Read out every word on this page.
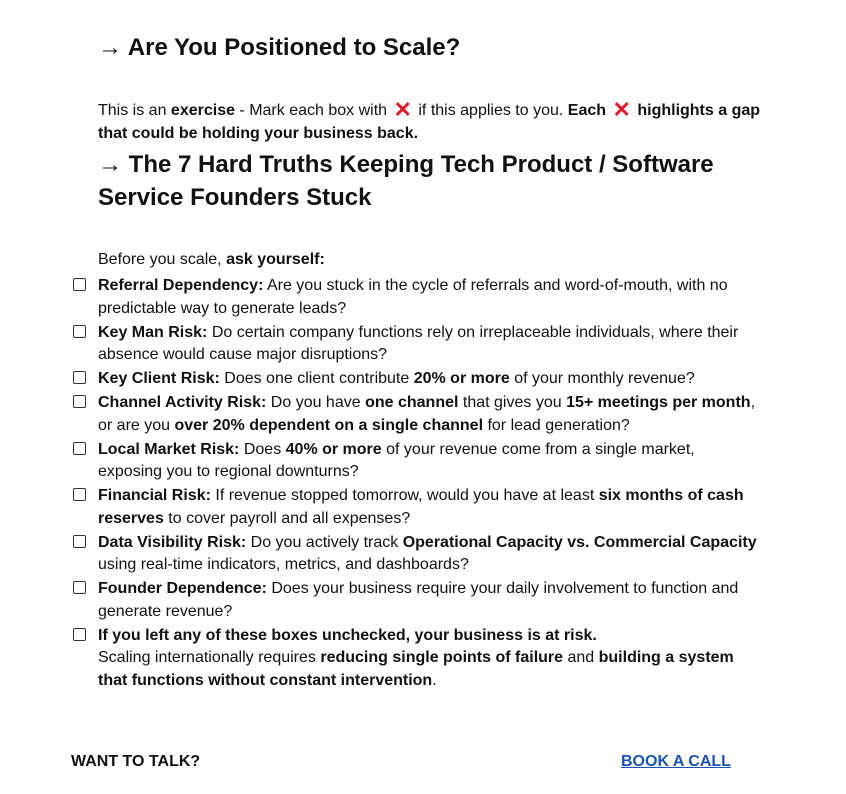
→ Are You Positioned to Scale?

This is an exercise - Mark each box with ✕ if this applies to you. Each ✕ highlights a gap that could be holding your business back.

→ The 7 Hard Truths Keeping Tech Product / Software Service Founders Stuck

Before you scale, ask yourself:

Referral Dependency: Are you stuck in the cycle of referrals and word-of-mouth, with no predictable way to generate leads?
Key Man Risk: Do certain company functions rely on irreplaceable individuals, where their absence would cause major disruptions?
Key Client Risk: Does one client contribute 20% or more of your monthly revenue?
Channel Activity Risk: Do you have one channel that gives you 15+ meetings per month, or are you over 20% dependent on a single channel for lead generation?
Local Market Risk: Does 40% or more of your revenue come from a single market, exposing you to regional downturns?
Financial Risk: If revenue stopped tomorrow, would you have at least six months of cash reserves to cover payroll and all expenses?
Data Visibility Risk: Do you actively track Operational Capacity vs. Commercial Capacity using real-time indicators, metrics, and dashboards?
Founder Dependence: Does your business require your daily involvement to function and generate revenue?
If you left any of these boxes unchecked, your business is at risk.
Scaling internationally requires reducing single points of failure and building a system that functions without constant intervention.
WANT TO TALK?	BOOK A CALL
